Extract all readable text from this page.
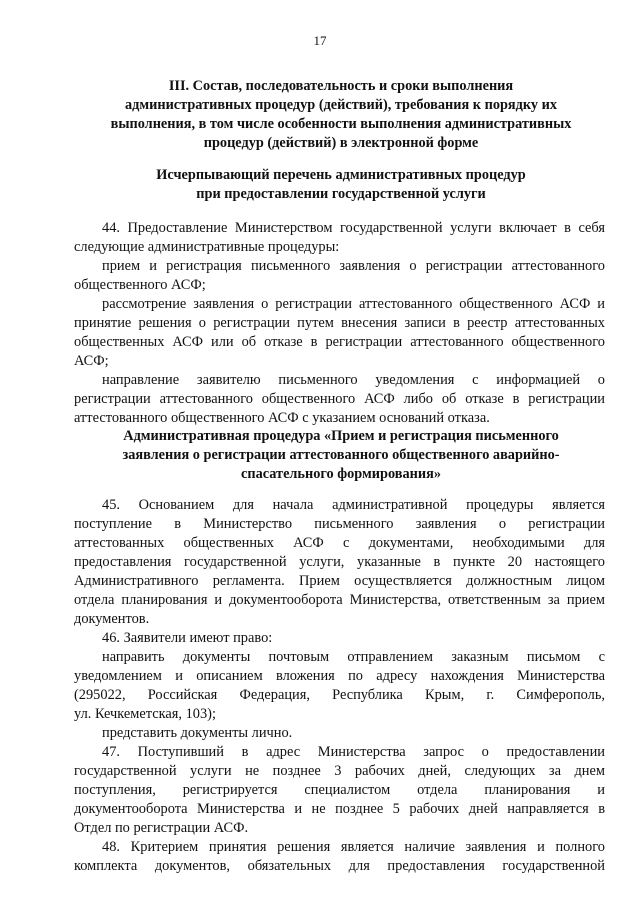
17
III. Состав, последовательность и сроки выполнения
административных процедур (действий), требования к порядку их
выполнения, в том числе особенности выполнения административных
процедур (действий) в электронной форме
Исчерпывающий перечень административных процедур
при предоставлении государственной услуги
44. Предоставление Министерством государственной услуги включает в себя
следующие административные процедуры:
прием и регистрация письменного заявления о регистрации аттестованного
общественного АСФ;
рассмотрение заявления о регистрации аттестованного общественного АСФ и
принятие решения о регистрации путем внесения записи в реестр аттестованных
общественных АСФ или об отказе в регистрации аттестованного общественного
АСФ;
направление заявителю письменного уведомления с информацией о
регистрации аттестованного общественного АСФ либо об отказе в регистрации
аттестованного общественного АСФ с указанием оснований отказа.
Административная процедура «Прием и регистрация письменного
заявления о регистрации аттестованного общественного аварийно-
спасательного формирования»
45. Основанием для начала административной процедуры является
поступление в Министерство письменного заявления о регистрации
аттестованных общественных АСФ с документами, необходимыми для
предоставления государственной услуги, указанные в пункте 20 настоящего
Административного регламента. Прием осуществляется должностным лицом
отдела планирования и документооборота Министерства, ответственным за прием
документов.
46. Заявители имеют право:
направить документы почтовым отправлением заказным письмом с
уведомлением и описанием вложения по адресу нахождения Министерства
(295022, Российская Федерация, Республика Крым, г. Симферополь,
ул. Кечкеметская, 103);
представить документы лично.
47. Поступивший в адрес Министерства запрос о предоставлении
государственной услуги не позднее 3 рабочих дней, следующих за днем
поступления, регистрируется специалистом отдела планирования и
документооборота Министерства и не позднее 5 рабочих дней направляется в
Отдел по регистрации АСФ.
48. Критерием принятия решения является наличие заявления и полного
комплекта документов, обязательных для предоставления государственной
